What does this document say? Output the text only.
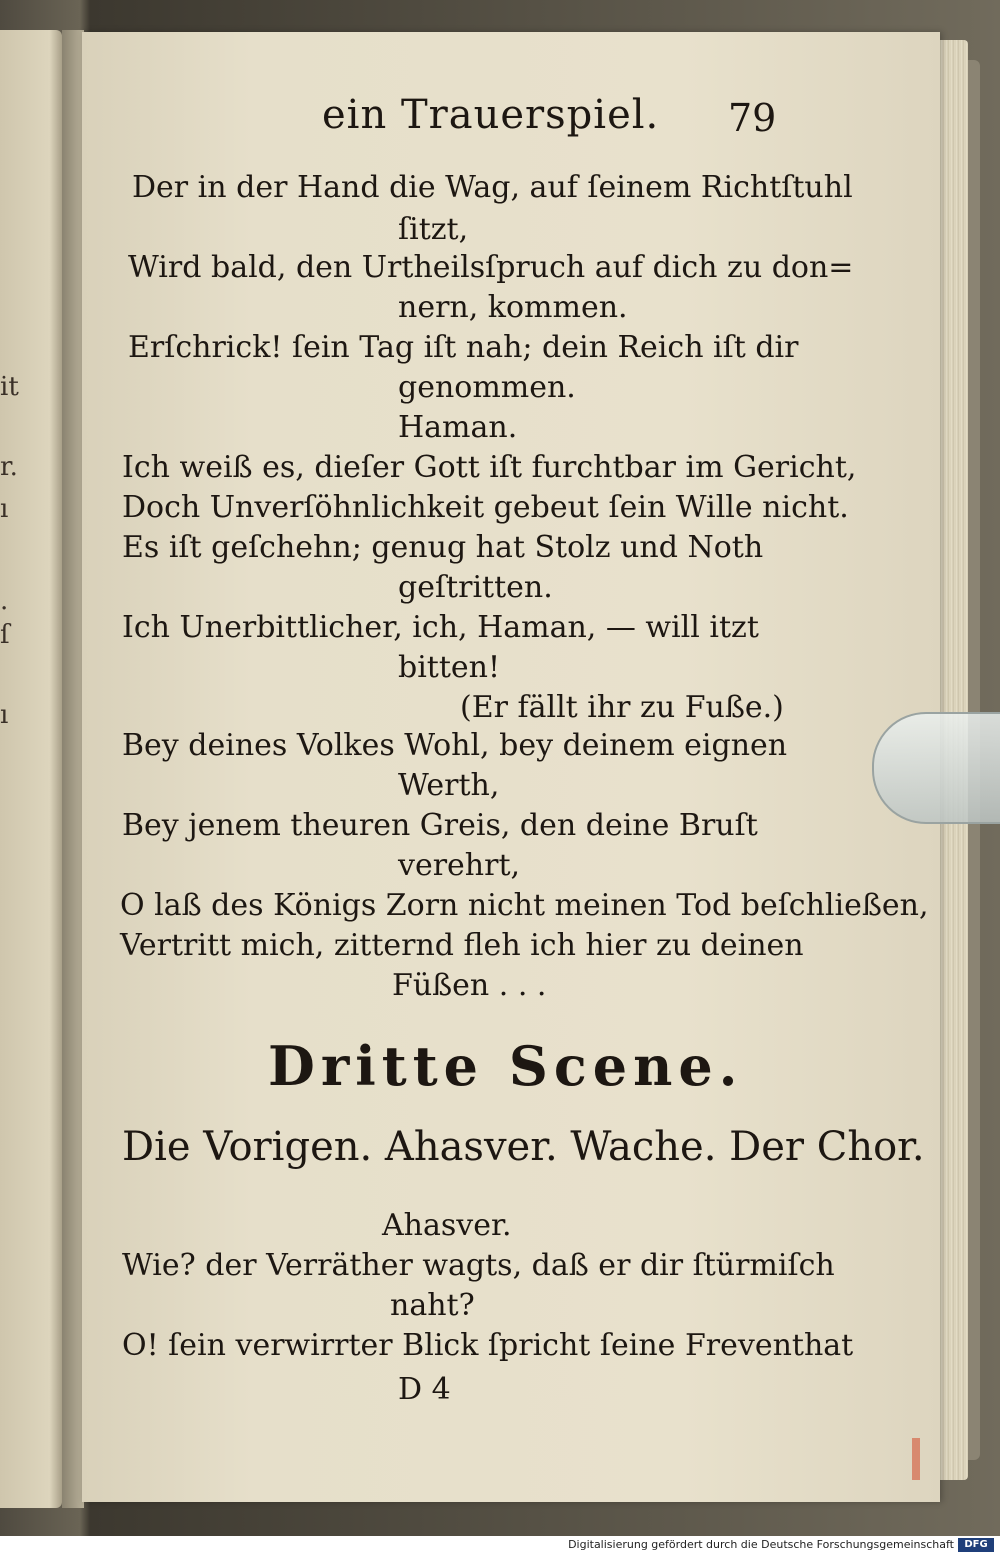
it
r.
ı
.
ſ
ı
ein Trauerspiel. 79
Der in der Hand die Wag, auf ſeinem Richtſtuhl
ſitzt,
Wird bald, den Urtheilsſpruch auf dich zu don=
nern, kommen.
Erſchrick! ſein Tag iſt nah; dein Reich iſt dir
genommen.
Haman.
Ich weiß es, dieſer Gott iſt furchtbar im Gericht,
Doch Unverſöhnlichkeit gebeut ſein Wille nicht.
Es iſt geſchehn; genug hat Stolz und Noth
geſtritten.
Ich Unerbittlicher, ich, Haman, — will itzt
bitten!
(Er fällt ihr zu Fuße.)
Bey deines Volkes Wohl, bey deinem eignen
Werth,
Bey jenem theuren Greis, den deine Bruſt
verehrt,
O laß des Königs Zorn nicht meinen Tod beſchließen,
Vertritt mich, zitternd fleh ich hier zu deinen
Füßen . . .
Dritte Scene.
Die Vorigen. Ahasver. Wache. Der Chor.
Ahasver.
Wie? der Verräther wagts, daß er dir ſtürmiſch
naht?
O! ſein verwirrter Blick ſpricht ſeine Freventhat
D 4
Digitalisierung gefördert durch die Deutsche Forschungsgemeinschaft	DFG
